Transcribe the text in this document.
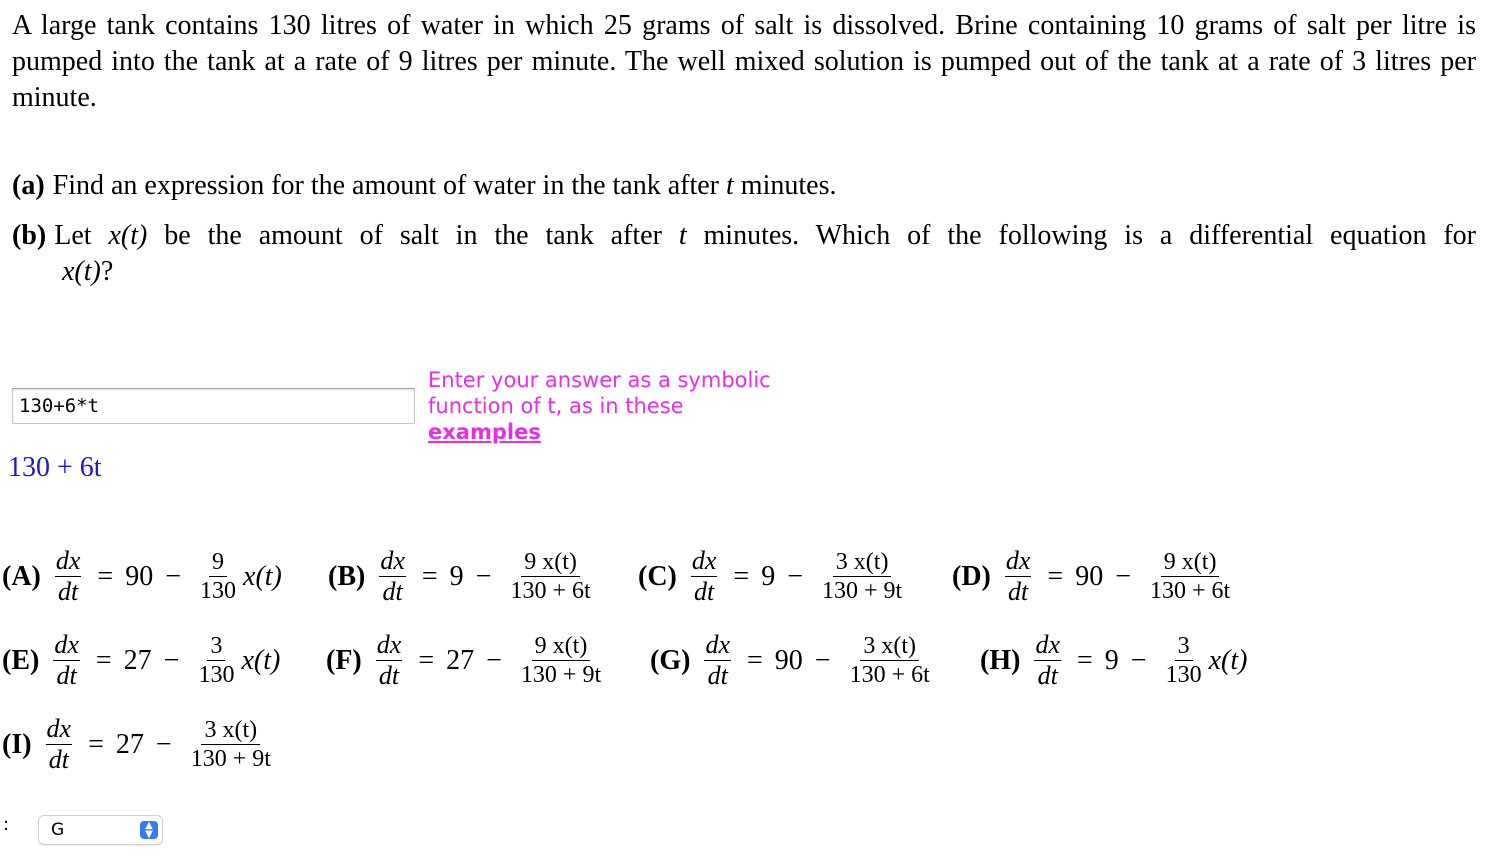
A large tank contains 130 litres of water in which 25 grams of salt is dissolved. Brine containing 10 grams of salt per litre is pumped into the tank at a rate of 9 litres per minute. The well mixed solution is pumped out of the tank at a rate of 3 litres per minute.
(a) Find an expression for the amount of water in the tank after t minutes.
(b) Let x(t) be the amount of salt in the tank after t minutes. Which of the following is a differential equation for
x(t)?
130+6*t
Enter your answer as a symbolic function of t, as in these
examples
130 + 6t
$(A) \frac{dx}{dt} = 90 - \frac{9}{130} x(t)$ $(B) \frac{dx}{dt} = 9 - \frac{9 x(t)}{130 + 6t} (C) \frac{dx}{dt} = 9 - \frac{3 x(t)}{130 + 9t} (D) \frac{dx}{dt} = 90 - \frac{9 x(t)}{130 + 6t}$
$(E) \frac{dx}{dt} = 27 - \frac{3}{130} x(t)$ $(F) \frac{dx}{dt} = 27 - \frac{9 x(t)}{130 + 9t} (G) \frac{dx}{dt} = 90 - \frac{3 x(t)}{130 + 6t} (H) \frac{dx}{dt} = 9 - \frac{3}{130} x(t)$
$(I) \frac{dx}{dt} = 27 - \frac{3 x(t)}{130 + 9t}$
: G	▲
▼
